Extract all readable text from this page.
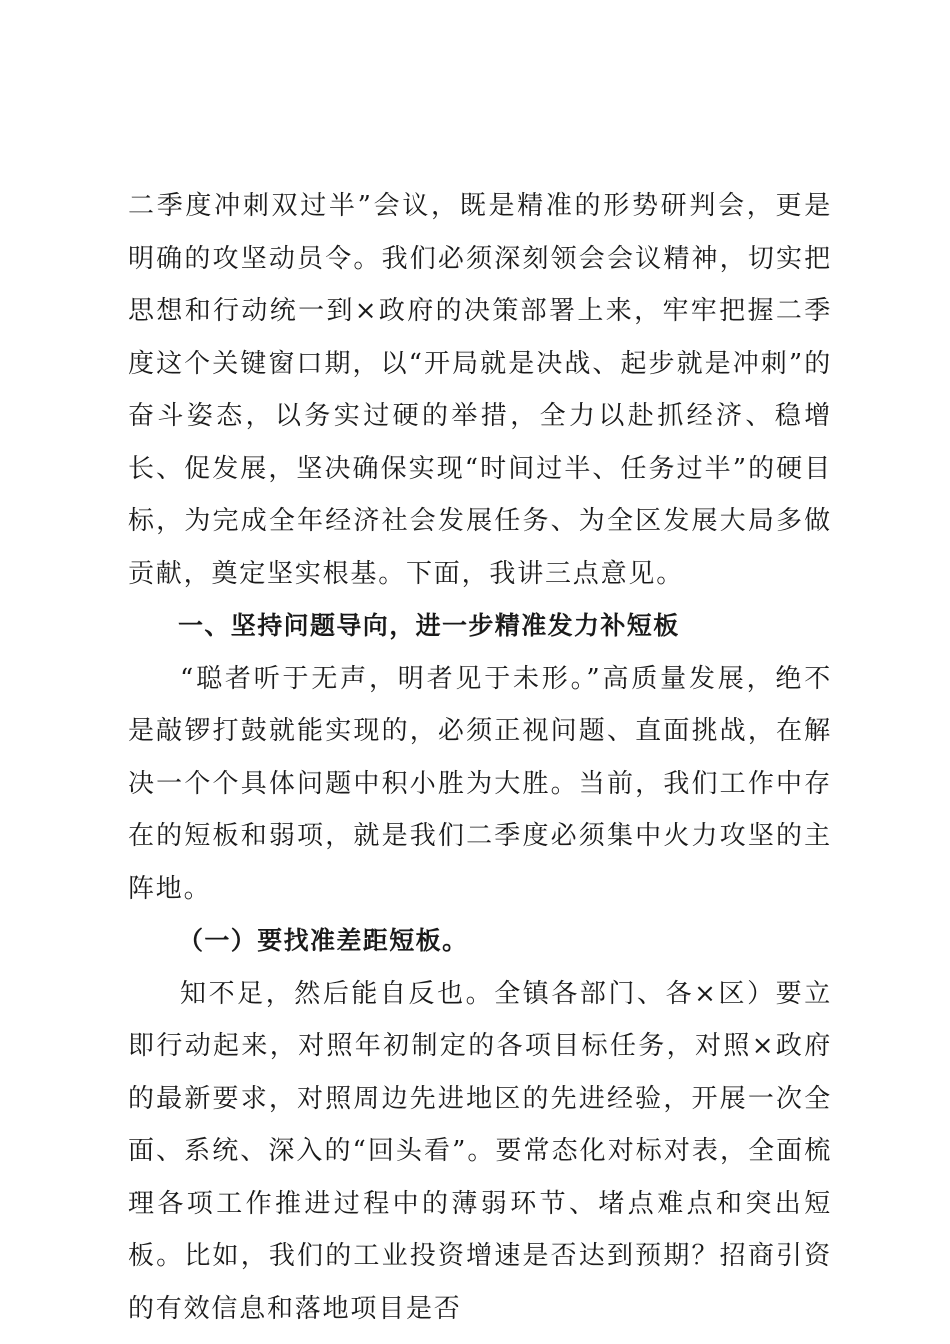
二季度冲刺双过半”会议，既是精准的形势研判会，更是明确的攻坚动员令。我们必须深刻领会会议精神，切实把思想和行动统一到×政府的决策部署上来，牢牢把握二季度这个关键窗口期，以“开局就是决战、起步就是冲刺”的奋斗姿态，以务实过硬的举措，全力以赴抓经济、稳增长、促发展，坚决确保实现“时间过半、任务过半”的硬目标，为完成全年经济社会发展任务、为全区发展大局多做贡献，奠定坚实根基。下面，我讲三点意见。

一、坚持问题导向，进一步精准发力补短板

“聪者听于无声，明者见于未形。”高质量发展，绝不是敲锣打鼓就能实现的，必须正视问题、直面挑战，在解决一个个具体问题中积小胜为大胜。当前，我们工作中存在的短板和弱项，就是我们二季度必须集中火力攻坚的主阵地。

（一）要找准差距短板。

知不足，然后能自反也。全镇各部门、各×区）要立即行动起来，对照年初制定的各项目标任务，对照×政府的最新要求，对照周边先进地区的先进经验，开展一次全面、系统、深入的“回头看”。要常态化对标对表，全面梳理各项工作推进过程中的薄弱环节、堵点难点和突出短板。比如，我们的工业投资增速是否达到预期？招商引资的有效信息和落地项目是否
